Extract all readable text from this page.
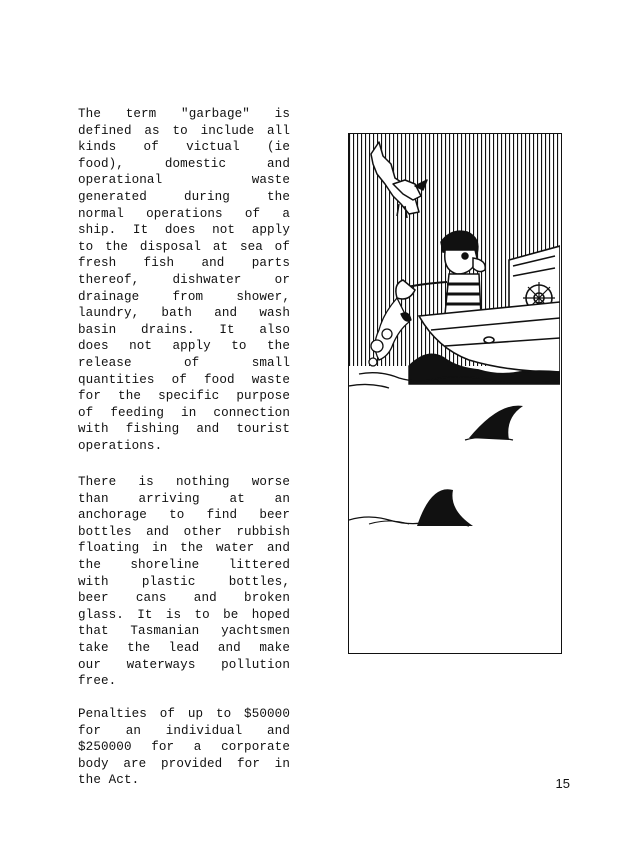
The term "garbage" is
defined as to include all
kinds of victual (ie
food), domestic and
operational waste
generated during the
normal operations of a
ship. It does not apply
to the disposal at sea of
fresh fish and parts
thereof, dishwater or
drainage from shower,
laundry, bath and wash
basin drains. It also
does not apply to the
release of small
quantities of food waste
for the specific purpose
of feeding in connection
with fishing and tourist
operations.
There is nothing worse
than arriving at an
anchorage to find beer
bottles and other rubbish
floating in the water and
the shoreline littered
with plastic bottles,
beer cans and broken
glass. It is to be hoped
that Tasmanian yachtsmen
take the lead and make
our waterways pollution
free.
Penalties of up to $50000
for an individual and
$250000 for a corporate
body are provided for in
the Act.	15
